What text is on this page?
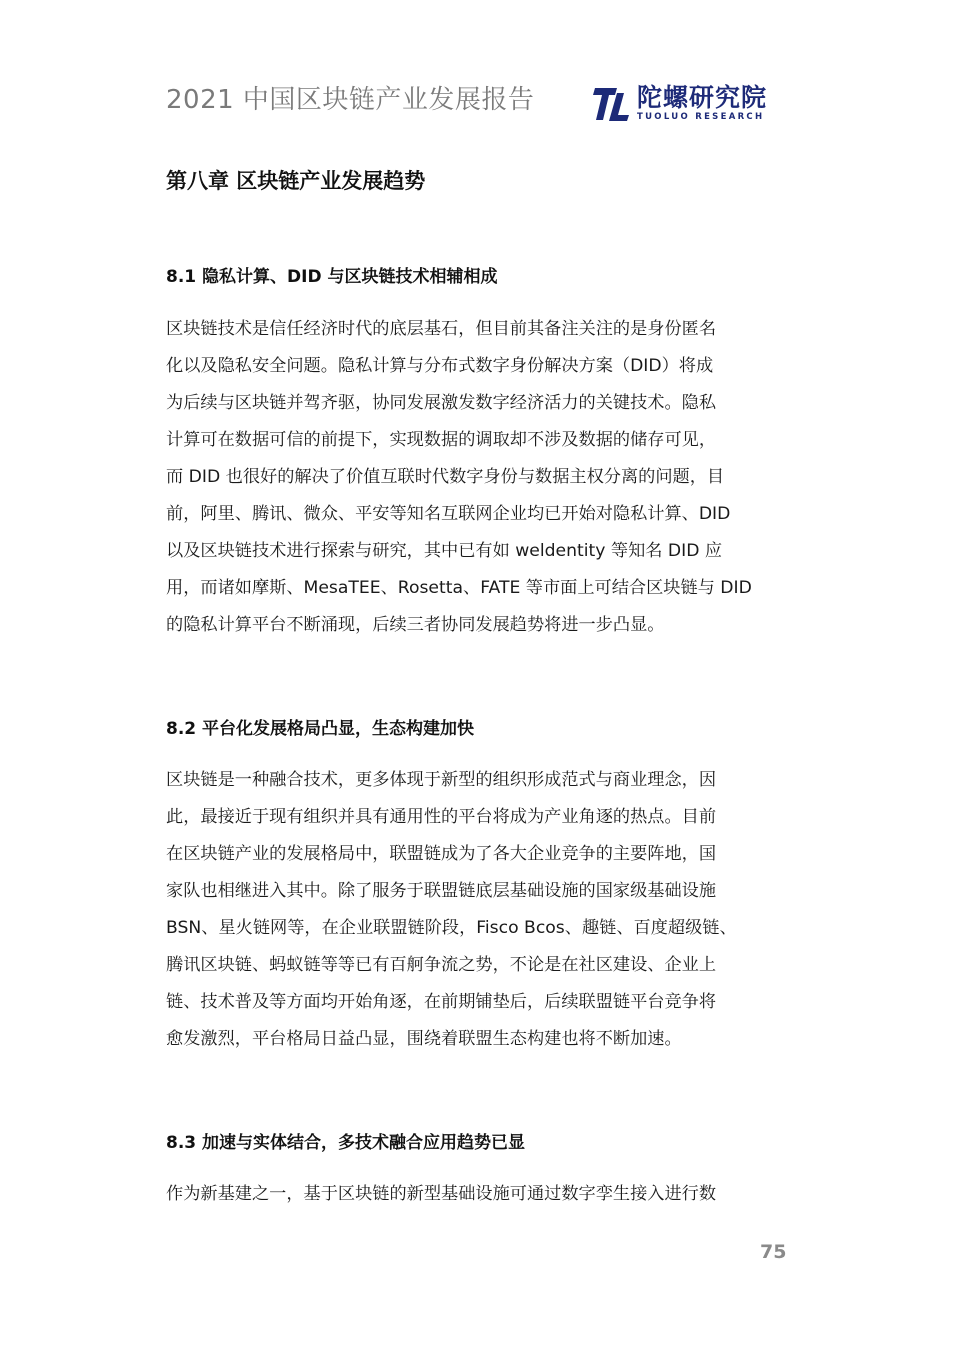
2021 中国区块链产业发展报告	陀螺研究院
TUOLUO RESEARCH
第八章 区块链产业发展趋势
8.1 隐私计算、DID 与区块链技术相辅相成
区块链技术是信任经济时代的底层基石，但目前其备注关注的是身份匿名
化以及隐私安全问题。隐私计算与分布式数字身份解决方案（DID）将成
为后续与区块链并驾齐驱，协同发展激发数字经济活力的关键技术。隐私
计算可在数据可信的前提下，实现数据的调取却不涉及数据的储存可见，
而 DID 也很好的解决了价值互联时代数字身份与数据主权分离的问题，目
前，阿里、腾讯、微众、平安等知名互联网企业均已开始对隐私计算、DID
以及区块链技术进行探索与研究，其中已有如 weldentity 等知名 DID 应
用，而诸如摩斯、MesaTEE、Rosetta、FATE 等市面上可结合区块链与 DID
的隐私计算平台不断涌现，后续三者协同发展趋势将进一步凸显。
8.2 平台化发展格局凸显，生态构建加快
区块链是一种融合技术，更多体现于新型的组织形成范式与商业理念，因
此，最接近于现有组织并具有通用性的平台将成为产业角逐的热点。目前
在区块链产业的发展格局中，联盟链成为了各大企业竞争的主要阵地，国
家队也相继进入其中。除了服务于联盟链底层基础设施的国家级基础设施
BSN、星火链网等，在企业联盟链阶段，Fisco Bcos、趣链、百度超级链、
腾讯区块链、蚂蚁链等等已有百舸争流之势，不论是在社区建设、企业上
链、技术普及等方面均开始角逐，在前期铺垫后，后续联盟链平台竞争将
愈发激烈，平台格局日益凸显，围绕着联盟生态构建也将不断加速。
8.3 加速与实体结合，多技术融合应用趋势已显
作为新基建之一，基于区块链的新型基础设施可通过数字孪生接入进行数
75
